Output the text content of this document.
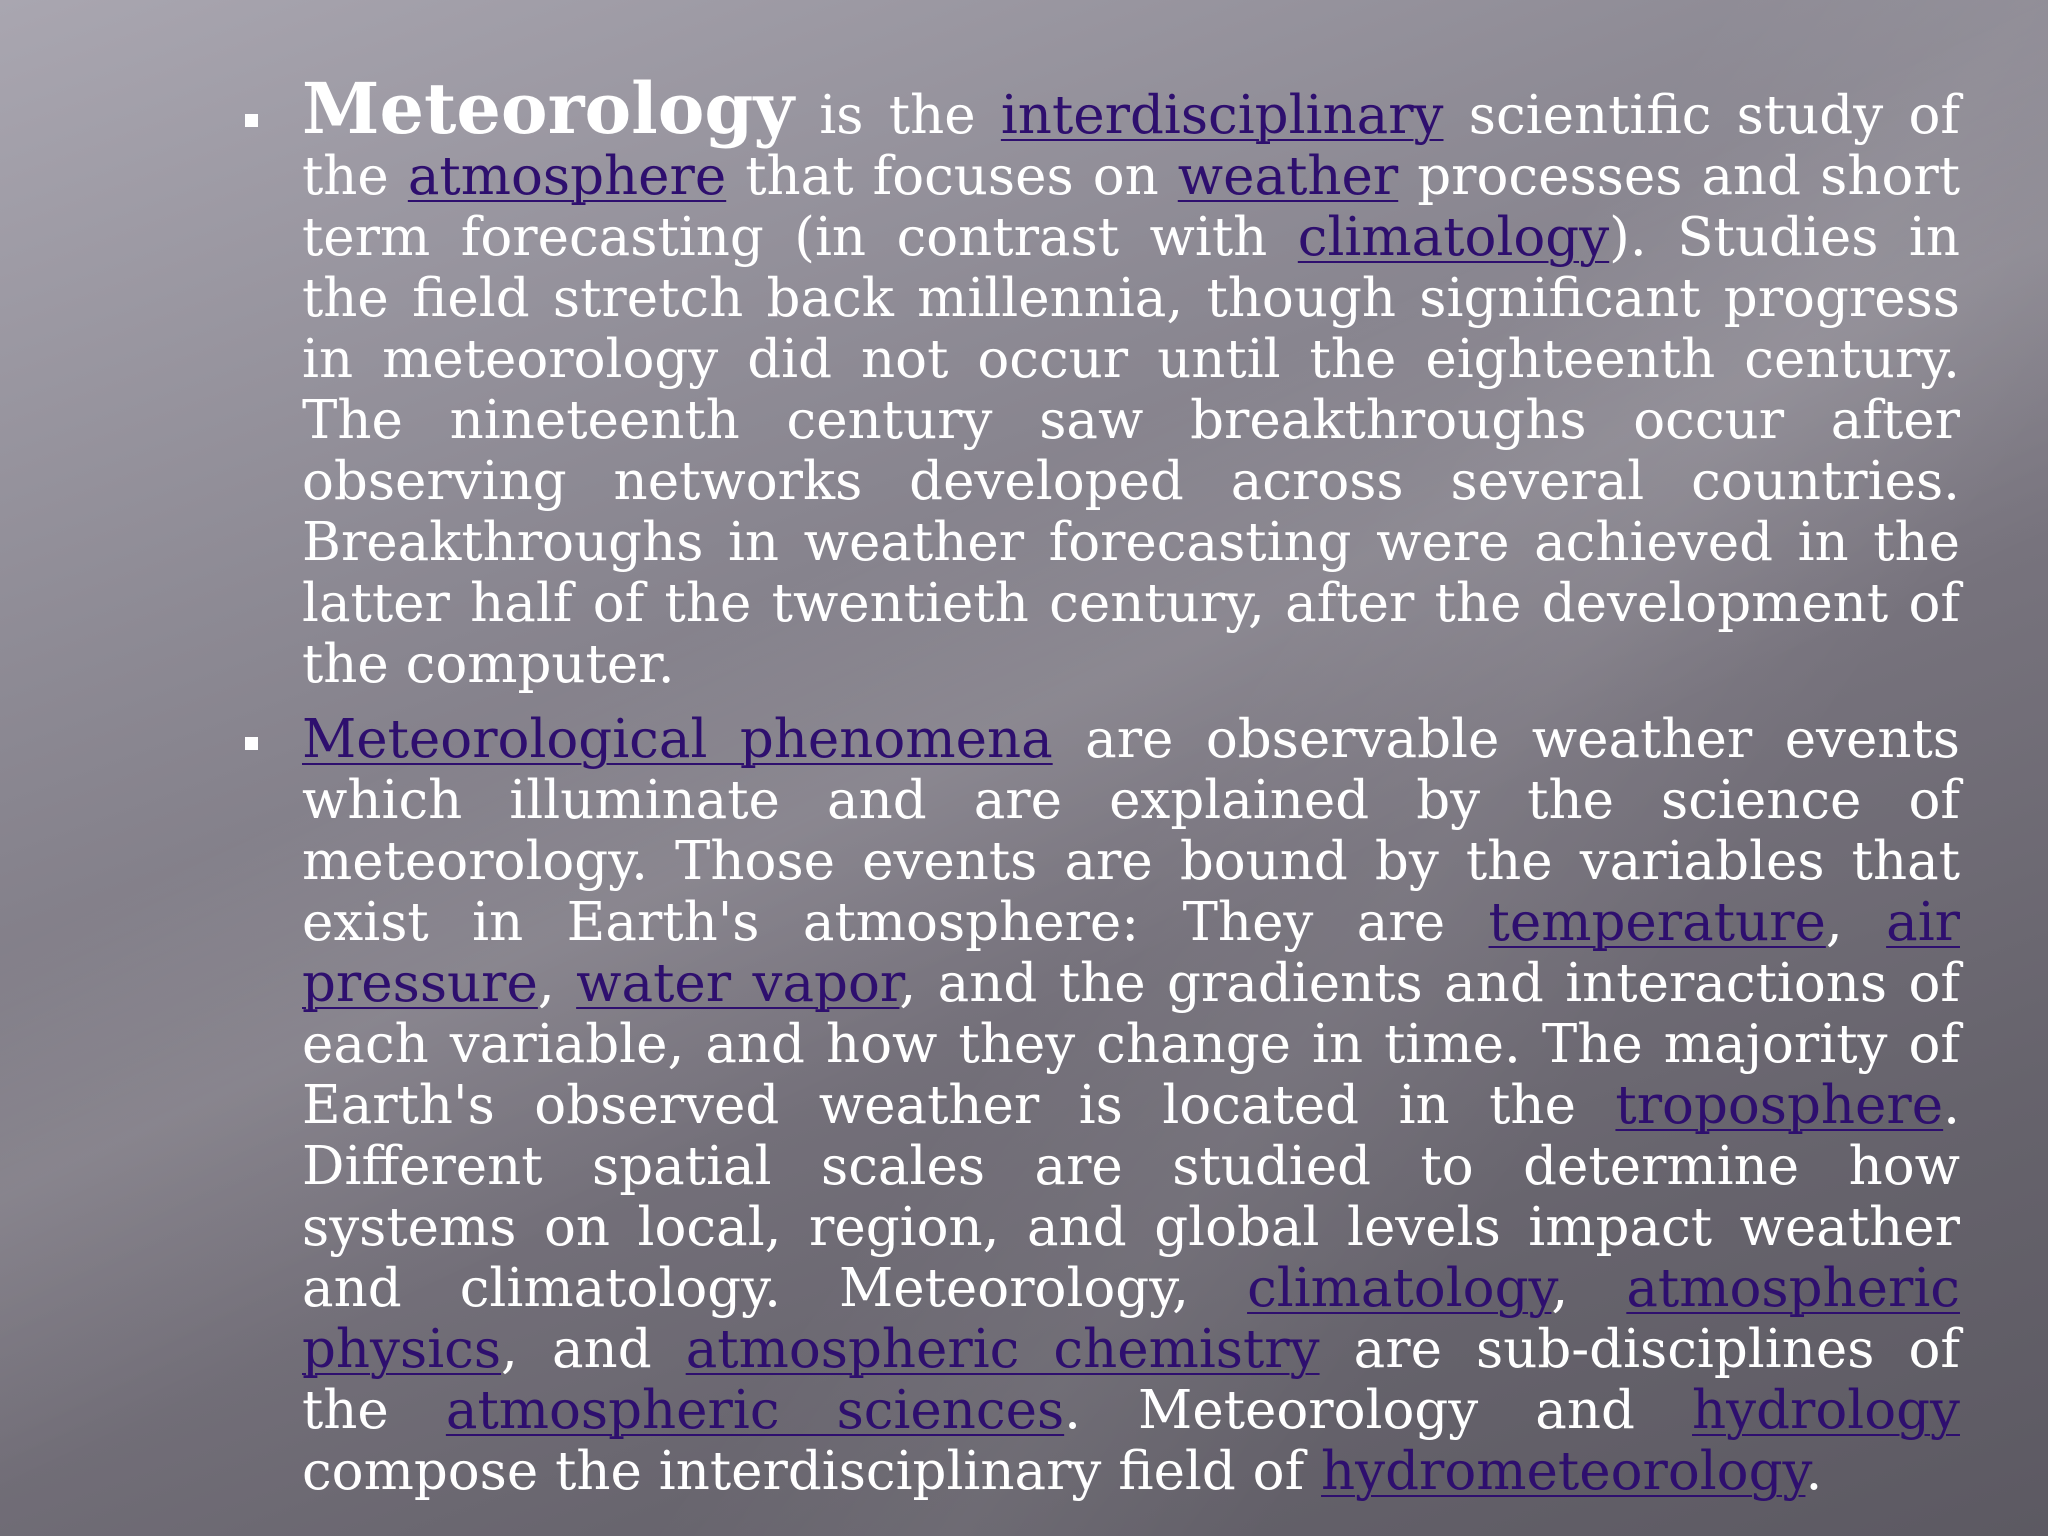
Meteorology is the interdisciplinary scientific study of the atmosphere that focuses on weather processes and short term forecasting (in contrast with climatology). Studies in the field stretch back millennia, though significant progress in meteorology did not occur until the eighteenth century. The nineteenth century saw breakthroughs occur after observing networks developed across several countries. Breakthroughs in weather forecasting were achieved in the latter half of the twentieth century, after the development of the computer.

Meteorological phenomena are observable weather events which illuminate and are explained by the science of meteorology. Those events are bound by the variables that exist in Earth's atmosphere: They are temperature, air pressure, water vapor, and the gradients and interactions of each variable, and how they change in time. The majority of Earth's observed weather is located in the troposphere. Different spatial scales are studied to determine how systems on local, region, and global levels impact weather and climatology. Meteorology, climatology, atmospheric physics, and atmospheric chemistry are sub-disciplines of the atmospheric sciences. Meteorology and hydrology compose the interdisciplinary field of hydrometeorology.
